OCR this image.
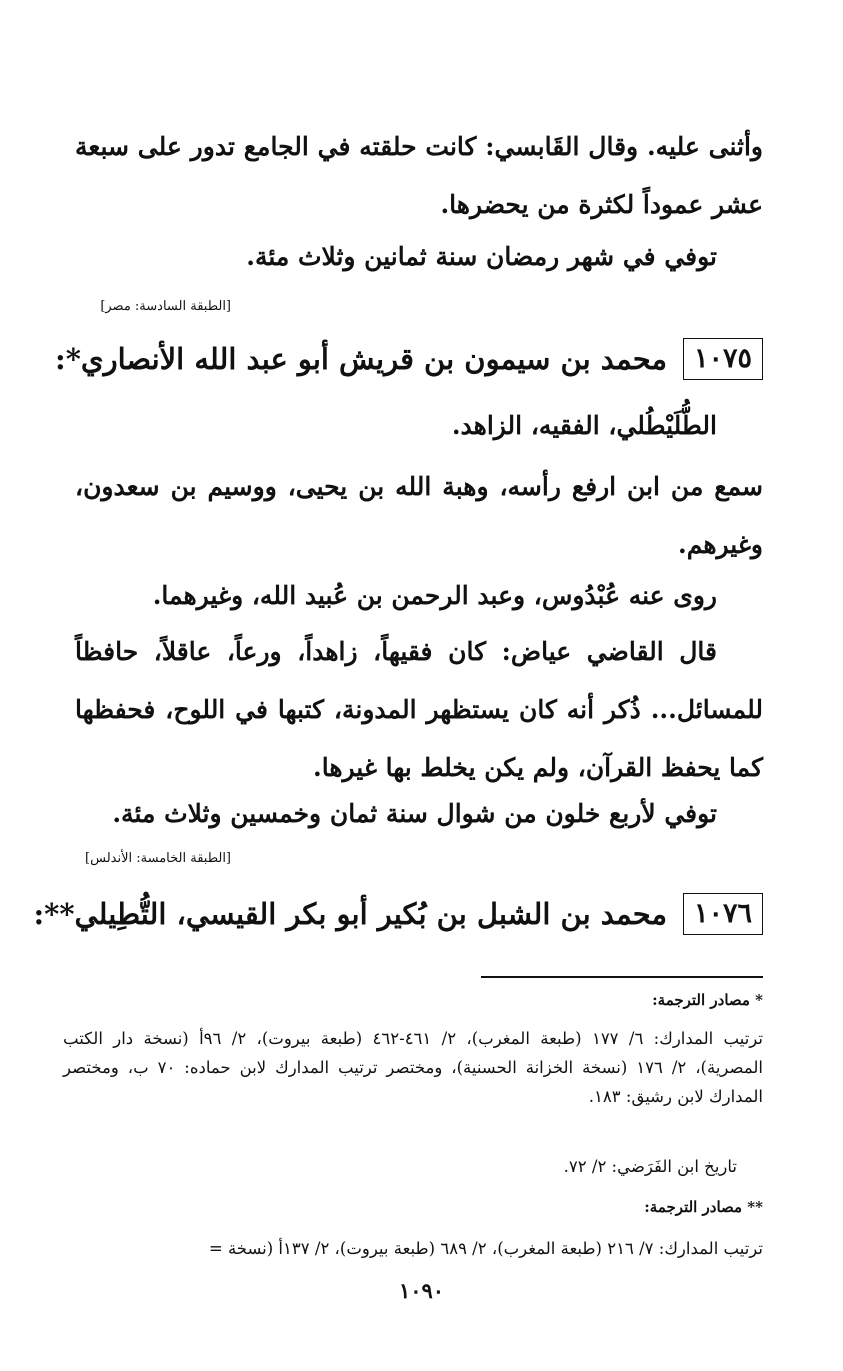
وأثنى عليه. وقال القَابسي: كانت حلقته في الجامع تدور على سبعة عشر عموداً لكثرة من يحضرها.
توفي في شهر رمضان سنة ثمانين وثلاث مئة.
[الطبقة السادسة: مصر]
١٠٧٥
محمد بن سيمون بن قريش أبو عبد الله الأنصاري*:
الطُّلَيْطُلي، الفقيه، الزاهد.
سمع من ابن ارفع رأسه، وهبة الله بن يحيى، ووسيم بن سعدون، وغيرهم.
روى عنه عُبْدُوس، وعبد الرحمن بن عُبيد الله، وغيرهما.
قال القاضي عياض: كان فقيهاً، زاهداً، ورعاً، عاقلاً، حافظاً للمسائل... ذُكر أنه كان يستظهر المدونة، كتبها في اللوح، فحفظها كما يحفظ القرآن، ولم يكن يخلط بها غيرها.
توفي لأربع خلون من شوال سنة ثمان وخمسين وثلاث مئة.
[الطبقة الخامسة: الأندلس]
١٠٧٦
محمد بن الشبل بن بُكير أبو بكر القيسي، التُّطِيلي**:
* مصادر الترجمة:
ترتيب المدارك: ٦/ ١٧٧ (طبعة المغرب)، ٢/ ٤٦١-٤٦٢ (طبعة بيروت)، ٢/ ٩٦أ (نسخة دار الكتب المصرية)، ٢/ ١٧٦ (نسخة الخزانة الحسنية)، ومختصر ترتيب المدارك لابن حماده: ٧٠ ب، ومختصر المدارك لابن رشيق: ١٨٣.
تاريخ ابن الفَرَضي: ٢/ ٧٢.
** مصادر الترجمة:
ترتيب المدارك: ٧/ ٢١٦ (طبعة المغرب)، ٢/ ٦٨٩ (طبعة بيروت)، ٢/ ١٣٧أ (نسخة =
١٠٩٠
